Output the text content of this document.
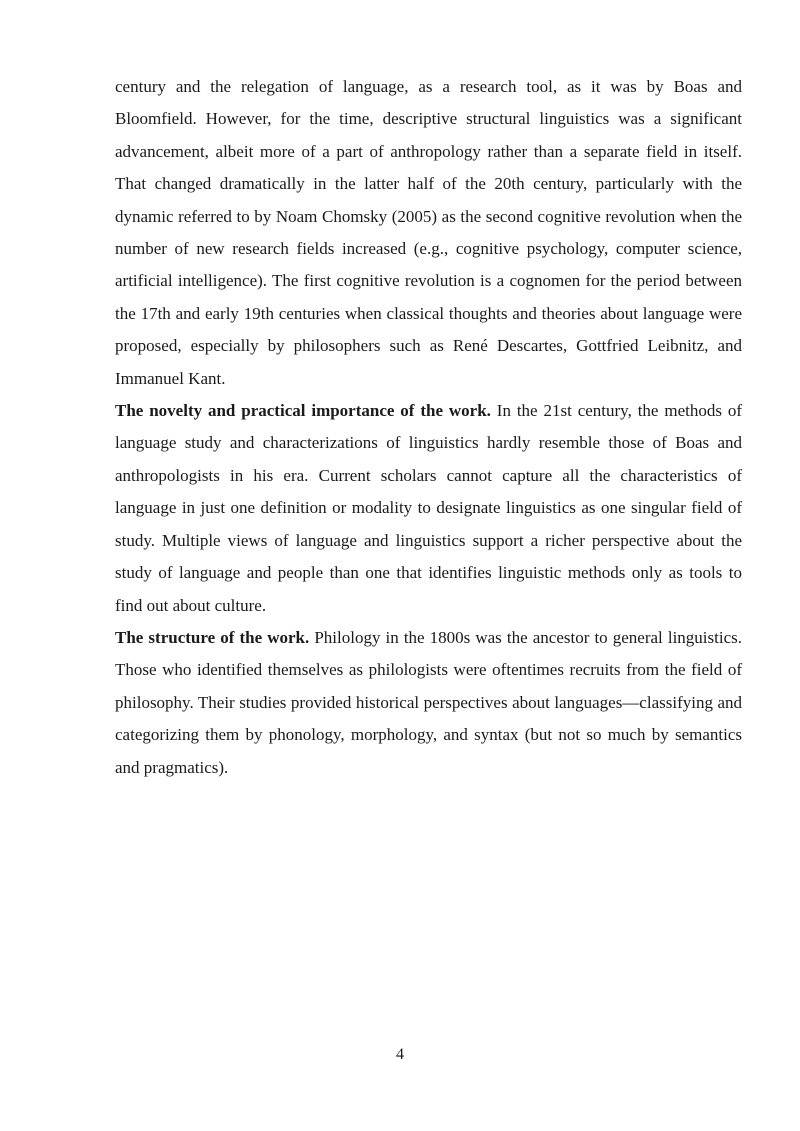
century and the relegation of language, as a research tool, as it was by Boas and Bloomfield. However, for the time, descriptive structural linguistics was a significant advancement, albeit more of a part of anthropology rather than a separate field in itself. That changed dramatically in the latter half of the 20th century, particularly with the dynamic referred to by Noam Chomsky (2005) as the second cognitive revolution when the number of new research fields increased (e.g., cognitive psychology, computer science, artificial intelligence). The first cognitive revolution is a cognomen for the period between the 17th and early 19th centuries when classical thoughts and theories about language were proposed, especially by philosophers such as René Descartes, Gottfried Leibnitz, and Immanuel Kant.

The novelty and practical importance of the work. In the 21st century, the methods of language study and characterizations of linguistics hardly resemble those of Boas and anthropologists in his era. Current scholars cannot capture all the characteristics of language in just one definition or modality to designate linguistics as one singular field of study. Multiple views of language and linguistics support a richer perspective about the study of language and people than one that identifies linguistic methods only as tools to find out about culture.

The structure of the work. Philology in the 1800s was the ancestor to general linguistics. Those who identified themselves as philologists were oftentimes recruits from the field of philosophy. Their studies provided historical perspectives about languages—classifying and categorizing them by phonology, morphology, and syntax (but not so much by semantics and pragmatics).

4
